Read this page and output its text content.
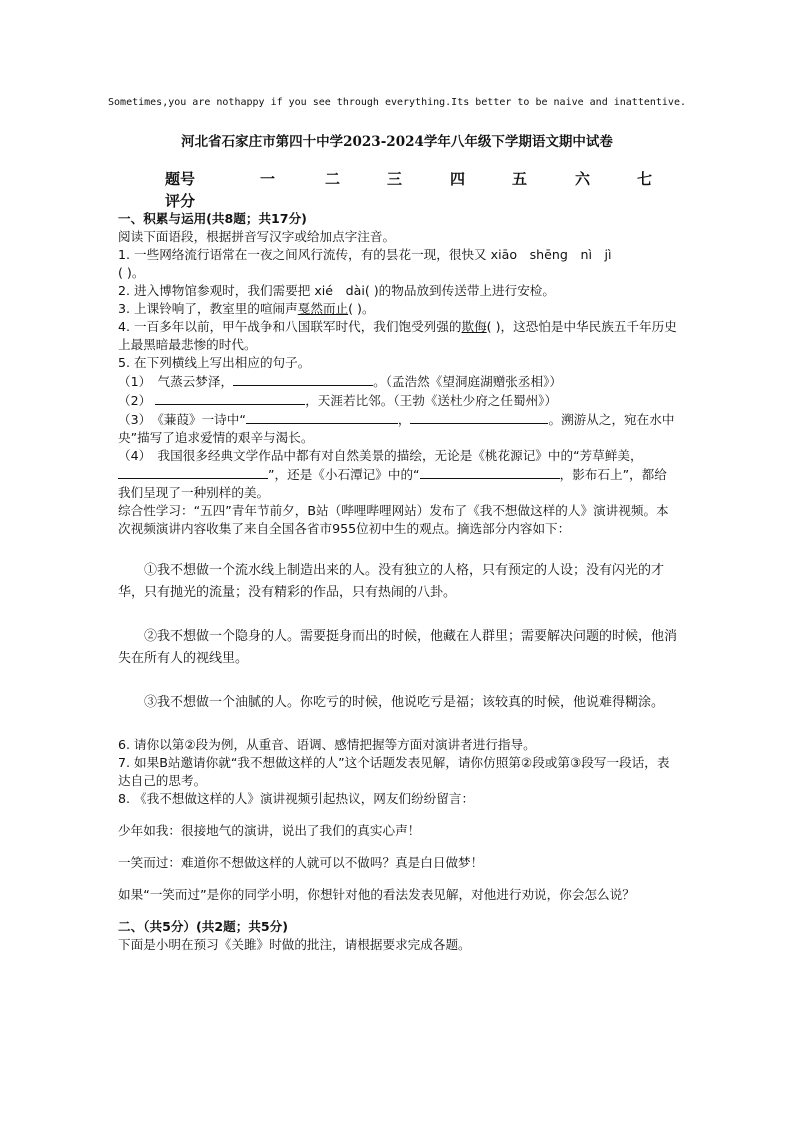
Sometimes,you are nothappy if you see through everything.Its better to be naive and inattentive.
河北省石家庄市第四十中学2023-2024学年八年级下学期语文期中试卷
题号	一	二	三	四	五	六	七
评分

一、积累与运用(共8题；共17分)

阅读下面语段，根据拼音写汉字或给加点字注音。

1. 一些网络流行语常在一夜之间风行流传，有的昙花一现，很快又 xiāo　shēng　nì　jì

( )。

2. 进入博物馆参观时，我们需要把 xié　dài( )的物品放到传送带上进行安检。

3. 上课铃响了，教室里的喧闹声戛然而止( )。

4. 一百多年以前，甲午战争和八国联军时代，我们饱受列强的欺侮( )，这恐怕是中华民族五千年历史上最黑暗最悲惨的时代。

5. 在下列横线上写出相应的句子。

（1）　气蒸云梦泽，	。（孟浩然《望洞庭湖赠张丞相》）

（2）	，天涯若比邻。（王勃《送杜少府之任蜀州》）

（3）　《蒹葭》一诗中“	，	。溯游从之，宛在水中央”描写了追求爱情的艰辛与渴长。

（4）　我国很多经典文学作品中都有对自然美景的描绘，无论是《桃花源记》中的“芳草鲜美，”，还是《小石潭记》中的“	，影布石上”，都给我们呈现了一种别样的美。

综合性学习：“五四”青年节前夕，B站（哔哩哔哩网站）发布了《我不想做这样的人》演讲视频。本次视频演讲内容收集了来自全国各省市955位初中生的观点。摘选部分内容如下：

①我不想做一个流水线上制造出来的人。没有独立的人格，只有预定的人设；没有闪光的才华，只有抛光的流量；没有精彩的作品，只有热闹的八卦。

②我不想做一个隐身的人。需要挺身而出的时候，他藏在人群里；需要解决问题的时候，他消失在所有人的视线里。

③我不想做一个油腻的人。你吃亏的时候，他说吃亏是福；该较真的时候，他说难得糊涂。

6. 请你以第②段为例，从重音、语调、感情把握等方面对演讲者进行指导。

7. 如果B站邀请你就“我不想做这样的人”这个话题发表见解，请你仿照第②段或第③段写一段话，表达自己的思考。

8. 《我不想做这样的人》演讲视频引起热议，网友们纷纷留言：

少年如我：很接地气的演讲，说出了我们的真实心声！

一笑而过：难道你不想做这样的人就可以不做吗？真是白日做梦！

如果“一笑而过”是你的同学小明，你想针对他的看法发表见解，对他进行劝说，你会怎么说？

二、（共5分）(共2题；共5分)

下面是小明在预习《关雎》时做的批注，请根据要求完成各题。
